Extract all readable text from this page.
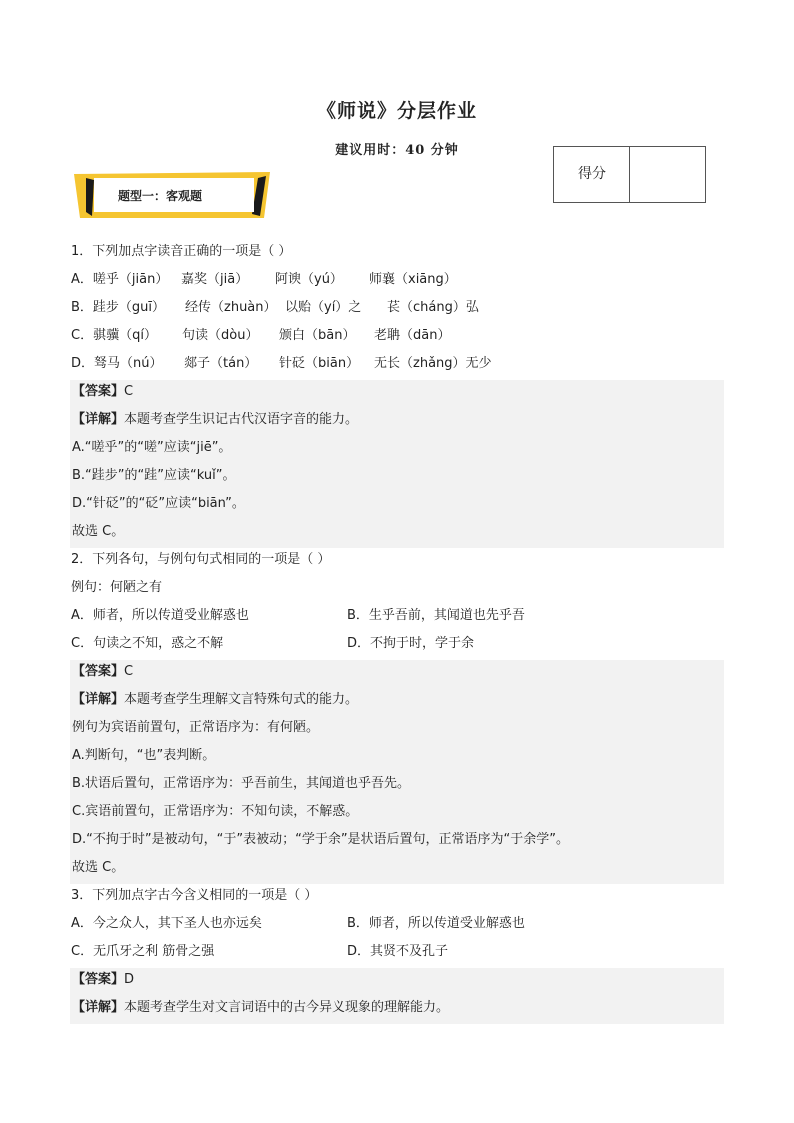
《师说》分层作业
建议用时：40 分钟
得分
题型一：客观题
1．下列加点字读音正确的一项是（ ）
A．嗟乎（jiān） 嘉奖（jiā） 阿谀（yú） 师襄（xiāng）
B．跬步（guī） 经传（zhuàn） 以贻（yí）之 苌（cháng）弘
C．骐骥（qí） 句读（dòu） 颁白（bān） 老聃（dān）
D．驽马（nú） 郯子（tán） 针砭（biān） 无长（zhǎng）无少
【答案】C
【详解】本题考查学生识记古代汉语字音的能力。
A.“嗟乎”的“嗟”应读“jiē”。
B.“跬步”的“跬”应读“kuǐ”。
D.“针砭”的“砭”应读“biān”。
故选 C。
2．下列各句，与例句句式相同的一项是（ ）
例句：何陋之有
A．师者，所以传道受业解惑也	B．生乎吾前，其闻道也先乎吾
C．句读之不知，惑之不解	D．不拘于时，学于余
【答案】C
【详解】本题考查学生理解文言特殊句式的能力。
例句为宾语前置句，正常语序为：有何陋。
A.判断句，“也”表判断。
B.状语后置句，正常语序为：乎吾前生，其闻道也乎吾先。
C.宾语前置句，正常语序为：不知句读，不解惑。
D.“不拘于时”是被动句，“于”表被动；“学于余”是状语后置句，正常语序为“于余学”。
故选 C。
3．下列加点字古今含义相同的一项是（ ）
A．今之众人，其下圣人也亦远矣	B．师者，所以传道受业解惑也
C．无爪牙之利 筋骨之强	D．其贤不及孔子
【答案】D
【详解】本题考查学生对文言词语中的古今异义现象的理解能力。
